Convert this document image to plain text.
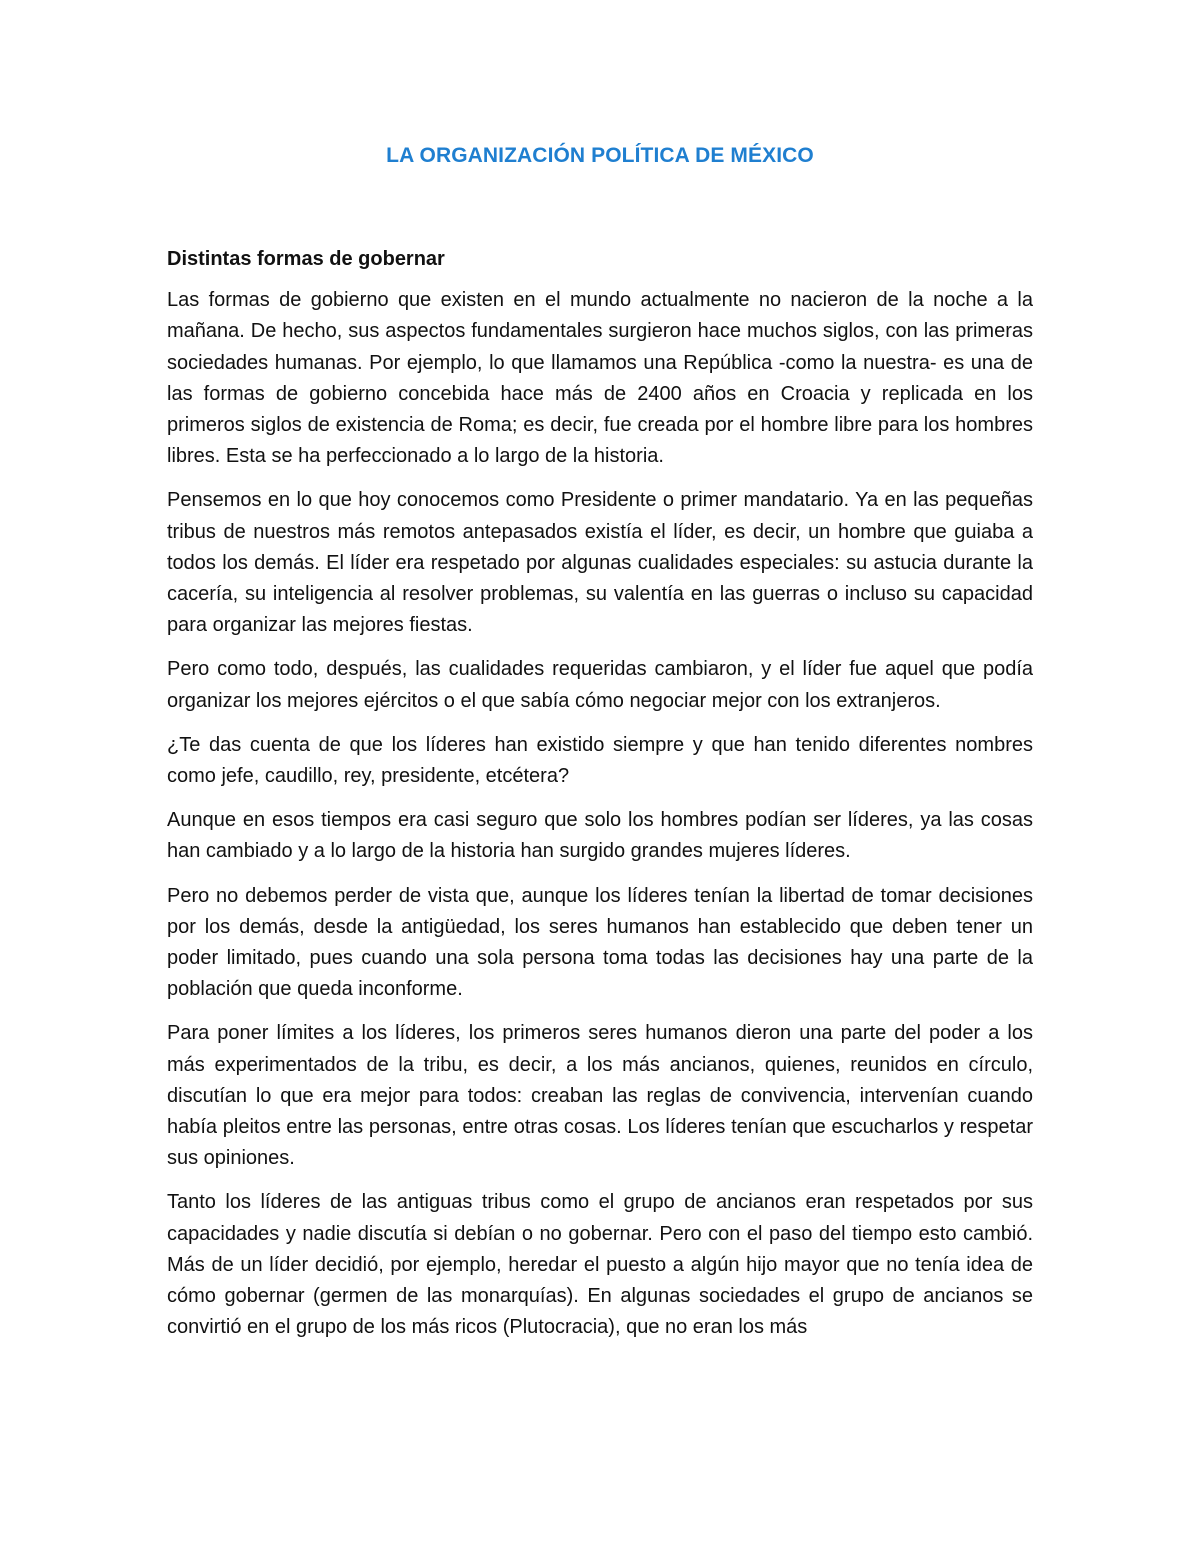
LA ORGANIZACIÓN POLÍTICA DE MÉXICO

Distintas formas de gobernar

Las formas de gobierno que existen en el mundo actualmente no nacieron de la noche a la mañana. De hecho, sus aspectos fundamentales surgieron hace muchos siglos, con las primeras sociedades humanas. Por ejemplo, lo que llamamos una República -como la nuestra- es una de las formas de gobierno concebida hace más de 2400 años en Croacia y replicada en los primeros siglos de existencia de Roma; es decir, fue creada por el hombre libre para los hombres libres. Esta se ha perfeccionado a lo largo de la historia.

Pensemos en lo que hoy conocemos como Presidente o primer mandatario. Ya en las pequeñas tribus de nuestros más remotos antepasados existía el líder, es decir, un hombre que guiaba a todos los demás. El líder era respetado por algunas cualidades especiales: su astucia durante la cacería, su inteligencia al resolver problemas, su valentía en las guerras o incluso su capacidad para organizar las mejores fiestas.

Pero como todo, después, las cualidades requeridas cambiaron, y el líder fue aquel que podía organizar los mejores ejércitos o el que sabía cómo negociar mejor con los extranjeros.

¿Te das cuenta de que los líderes han existido siempre y que han tenido diferentes nombres como jefe, caudillo, rey, presidente, etcétera?

Aunque en esos tiempos era casi seguro que solo los hombres podían ser líderes, ya las cosas han cambiado y a lo largo de la historia han surgido grandes mujeres líderes.

Pero no debemos perder de vista que, aunque los líderes tenían la libertad de tomar decisiones por los demás, desde la antigüedad, los seres humanos han establecido que deben tener un poder limitado, pues cuando una sola persona toma todas las decisiones hay una parte de la población que queda inconforme.

Para poner límites a los líderes, los primeros seres humanos dieron una parte del poder a los más experimentados de la tribu, es decir, a los más ancianos, quienes, reunidos en círculo, discutían lo que era mejor para todos: creaban las reglas de convivencia, intervenían cuando había pleitos entre las personas, entre otras cosas. Los líderes tenían que escucharlos y respetar sus opiniones.

Tanto los líderes de las antiguas tribus como el grupo de ancianos eran respetados por sus capacidades y nadie discutía si debían o no gobernar. Pero con el paso del tiempo esto cambió. Más de un líder decidió, por ejemplo, heredar el puesto a algún hijo mayor que no tenía idea de cómo gobernar (germen de las monarquías). En algunas sociedades el grupo de ancianos se convirtió en el grupo de los más ricos (Plutocracia), que no eran los más
